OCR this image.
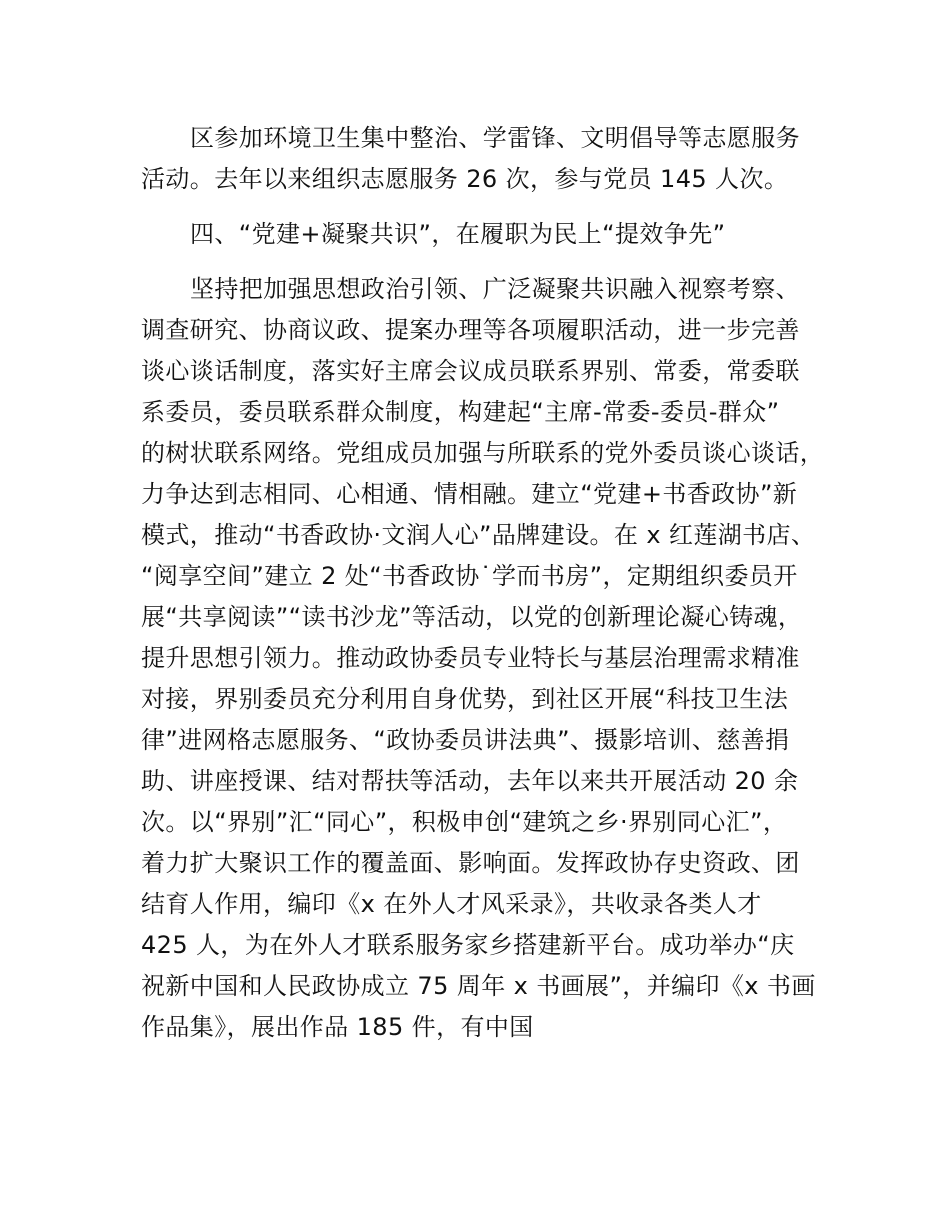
区参加环境卫生集中整治、学雷锋、文明倡导等志愿服务
活动。去年以来组织志愿服务 26 次，参与党员 145 人次。
四、“党建+凝聚共识”，在履职为民上“提效争先”
坚持把加强思想政治引领、广泛凝聚共识融入视察考察、
调查研究、协商议政、提案办理等各项履职活动，进一步完善
谈心谈话制度，落实好主席会议成员联系界别、常委，常委联
系委员，委员联系群众制度，构建起“主席-常委-委员-群众”
的树状联系网络。党组成员加强与所联系的党外委员谈心谈话，
力争达到志相同、心相通、情相融。建立“党建+书香政协”新
模式，推动“书香政协·文润人心”品牌建设。在 x 红莲湖书店、
“阅享空间”建立 2 处“书香政协˙学而书房”，定期组织委员开
展“共享阅读”“读书沙龙”等活动，以党的创新理论凝心铸魂，
提升思想引领力。推动政协委员专业特长与基层治理需求精准
对接，界别委员充分利用自身优势，到社区开展“科技卫生法
律”进网格志愿服务、“政协委员讲法典”、摄影培训、慈善捐
助、讲座授课、结对帮扶等活动，去年以来共开展活动 20 余
次。以“界别”汇“同心”，积极申创“建筑之乡·界别同心汇”，
着力扩大聚识工作的覆盖面、影响面。发挥政协存史资政、团
结育人作用，编印《x 在外人才风采录》，共收录各类人才
425 人，为在外人才联系服务家乡搭建新平台。成功举办“庆
祝新中国和人民政协成立 75 周年 x 书画展”，并编印《x 书画
作品集》，展出作品 185 件，有中国
